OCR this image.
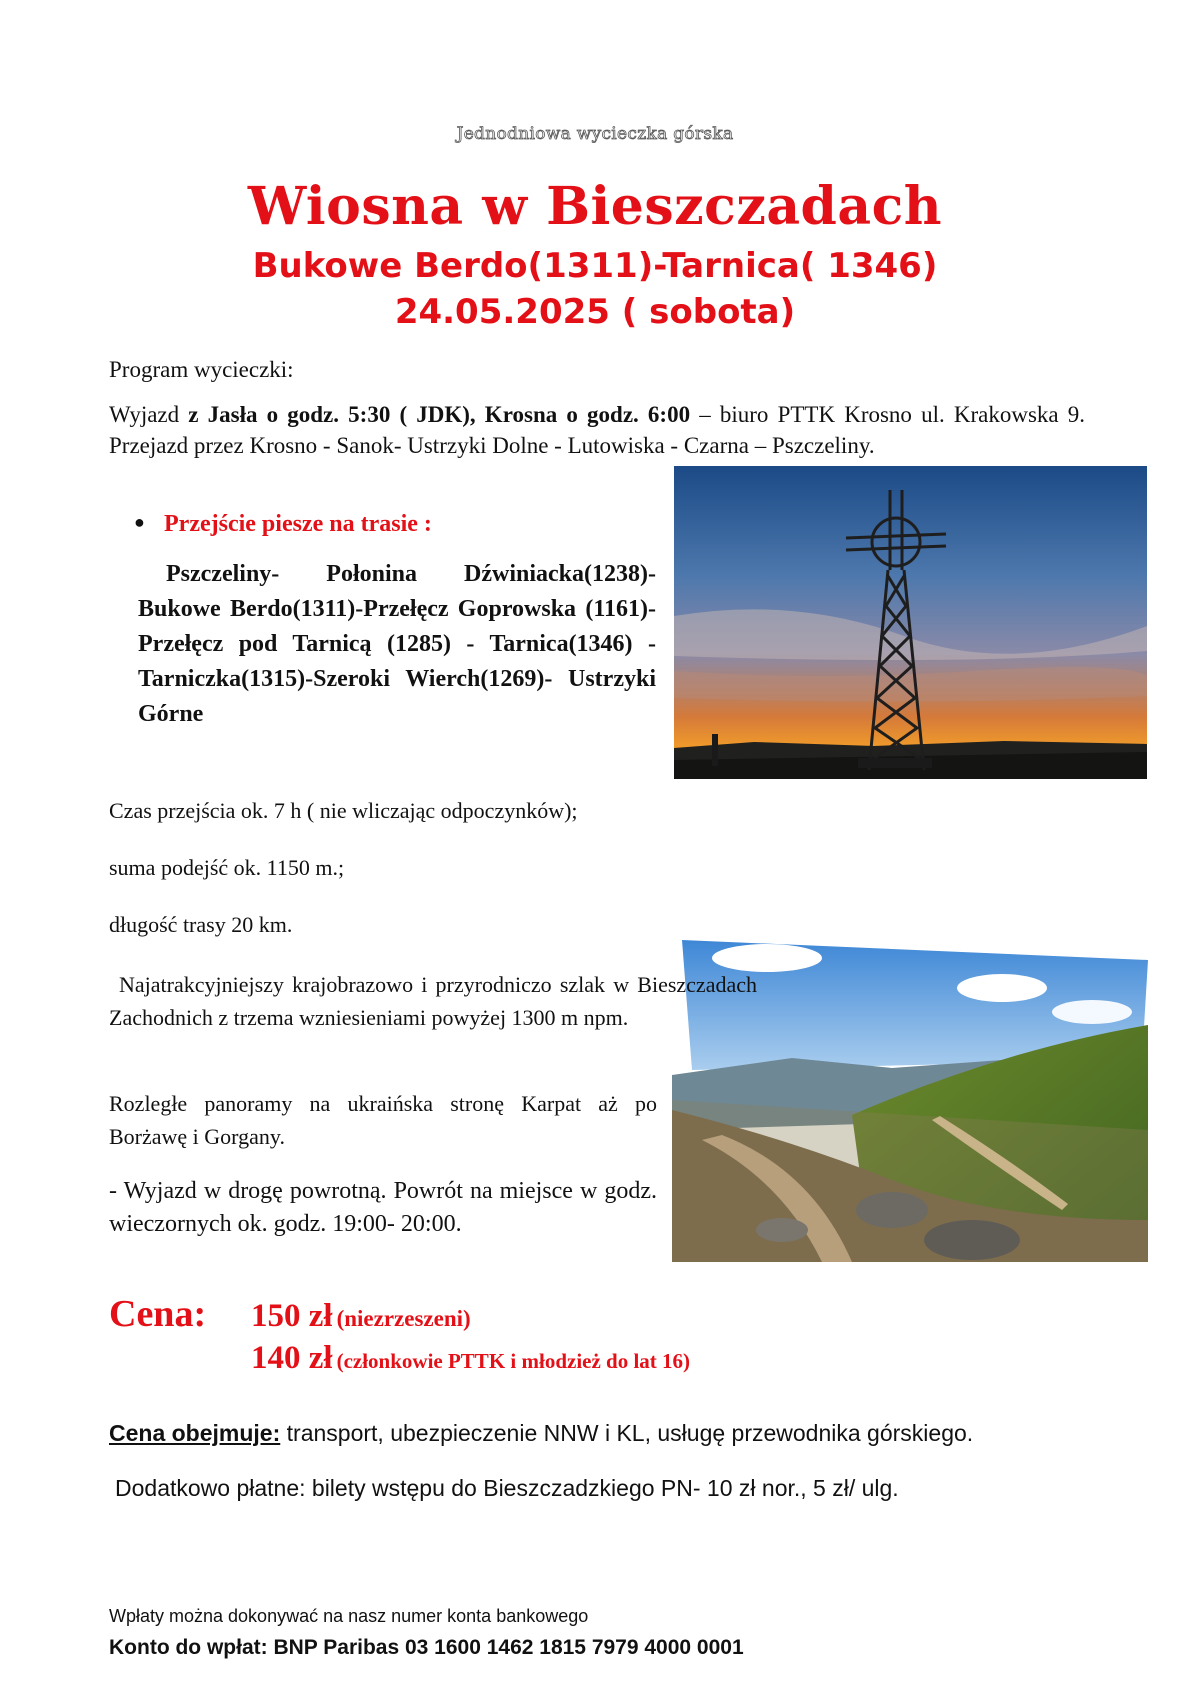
Jednodniowa wycieczka górska
Wiosna w Bieszczadach
Bukowe Berdo(1311)-Tarnica( 1346)
24.05.2025 ( sobota)
Program wycieczki:
Wyjazd z Jasła o godz. 5:30 ( JDK), Krosna o godz. 6:00 – biuro PTTK Krosno ul. Krakowska 9. Przejazd przez Krosno - Sanok- Ustrzyki Dolne - Lutowiska - Czarna – Pszczeliny.
● Przejście piesze na trasie :
Pszczeliny- Połonina Dźwiniacka(1238)- Bukowe Berdo(1311)-Przełęcz Goprowska (1161)- Przełęcz pod Tarnicą (1285) - Tarnica(1346) -Tarniczka(1315)-Szeroki Wierch(1269)- Ustrzyki Górne
Czas przejścia ok. 7 h ( nie wliczając odpoczynków);
suma podejść ok. 1150 m.;
długość trasy 20 km.
Najatrakcyjniejszy krajobrazowo i przyrodniczo szlak w Bieszczadach Zachodnich z trzema wzniesieniami powyżej 1300 m npm.
Rozległe panoramy na ukraińska stronę Karpat aż po Borżawę i Gorgany.
- Wyjazd w drogę powrotną. Powrót na miejsce w godz. wieczornych ok. godz. 19:00- 20:00.
Cena: 150 zł (niezrzeszeni)
140 zł (członkowie PTTK i młodzież do lat 16)
Cena obejmuje: transport, ubezpieczenie NNW i KL, usługę przewodnika górskiego.
Dodatkowo płatne: bilety wstępu do Bieszczadzkiego PN- 10 zł nor., 5 zł/ ulg.
Wpłaty można dokonywać na nasz numer konta bankowego
Konto do wpłat: BNP Paribas 03 1600 1462 1815 7979 4000 0001
